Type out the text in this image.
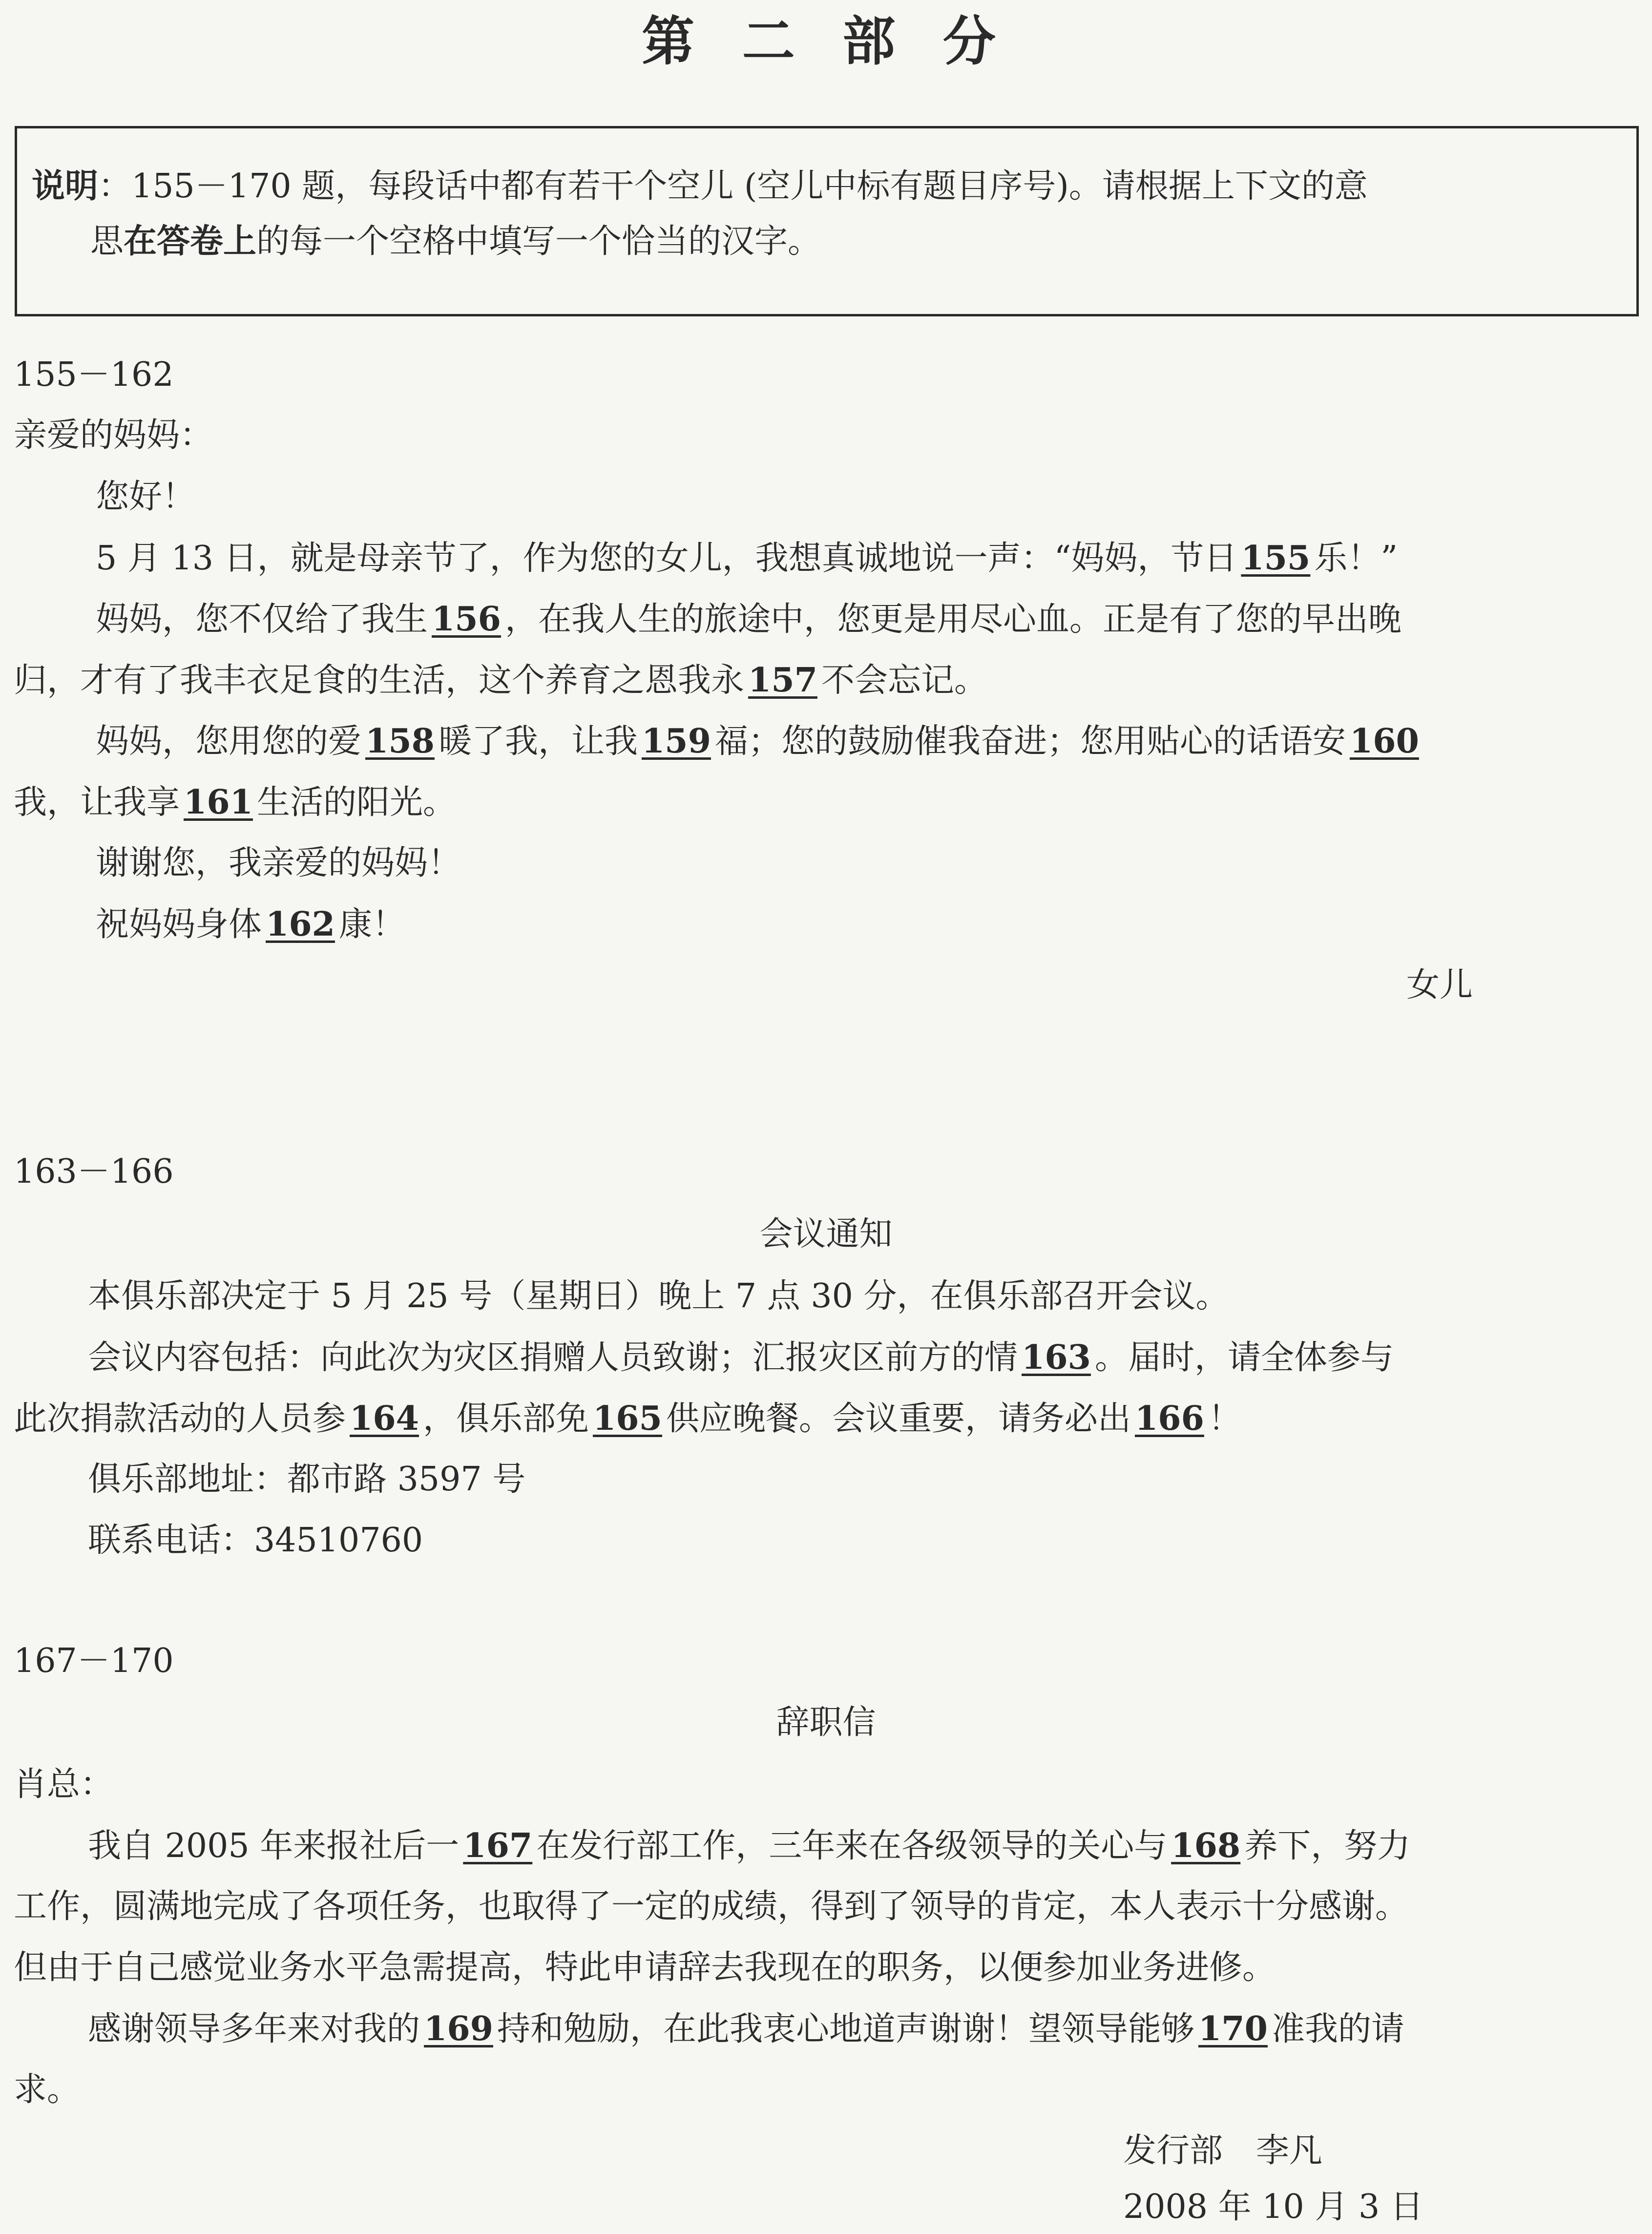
第 二 部 分
说明：155－170 题，每段话中都有若干个空儿 (空儿中标有题目序号)。请根据上下文的意
思在答卷上的每一个空格中填写一个恰当的汉字。
155－162
亲爱的妈妈：
您好！
5 月 13 日，就是母亲节了，作为您的女儿，我想真诚地说一声：“妈妈，节日 155 乐！”
妈妈，您不仅给了我生 156 ，在我人生的旅途中，您更是用尽心血。正是有了您的早出晚
归，才有了我丰衣足食的生活，这个养育之恩我永 157 不会忘记。
妈妈，您用您的爱 158 暖了我，让我 159 福；您的鼓励催我奋进；您用贴心的话语安 160
我，让我享 161 生活的阳光。
谢谢您，我亲爱的妈妈！
祝妈妈身体 162 康！
女儿
163－166
会议通知
本俱乐部决定于 5 月 25 号（星期日）晚上 7 点 30 分，在俱乐部召开会议。
会议内容包括：向此次为灾区捐赠人员致谢；汇报灾区前方的情 163 。届时，请全体参与
此次捐款活动的人员参 164 ，俱乐部免 165 供应晚餐。会议重要，请务必出 166 ！
俱乐部地址：都市路 3597 号
联系电话：34510760
167－170
辞职信
肖总：
我自 2005 年来报社后一 167 在发行部工作，三年来在各级领导的关心与 168 养下，努力
工作，圆满地完成了各项任务，也取得了一定的成绩，得到了领导的肯定，本人表示十分感谢。
但由于自己感觉业务水平急需提高，特此申请辞去我现在的职务，以便参加业务进修。
感谢领导多年来对我的 169 持和勉励，在此我衷心地道声谢谢！望领导能够 170 准我的请
求。
发行部　李凡
2008 年 10 月 3 日
